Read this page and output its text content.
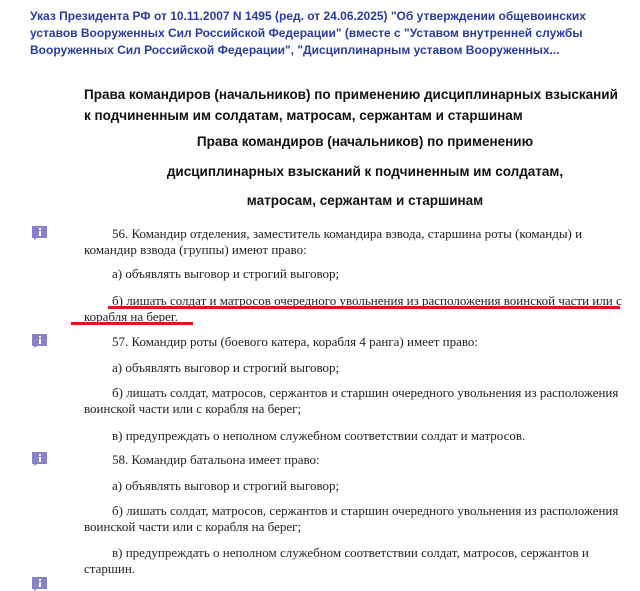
Указ Президента РФ от 10.11.2007 N 1495 (ред. от 24.06.2025) "Об утверждении общевоинских уставов Вооруженных Сил Российской Федерации" (вместе с "Уставом внутренней службы Вооруженных Сил Российской Федерации", "Дисциплинарным уставом Вооруженных...
Права командиров (начальников) по применению дисциплинарных взысканий к подчиненным им солдатам, матросам, сержантам и старшинам
Права командиров (начальников) по применению
дисциплинарных взысканий к подчиненным им солдатам,
матросам, сержантам и старшинам
56. Командир отделения, заместитель командира взвода, старшина роты (команды) и командир взвода (группы) имеют право:
а) объявлять выговор и строгий выговор;
б) лишать солдат и матросов очередного увольнения из расположения воинской части или с корабля на берег.
57. Командир роты (боевого катера, корабля 4 ранга) имеет право:
а) объявлять выговор и строгий выговор;
б) лишать солдат, матросов, сержантов и старшин очередного увольнения из расположения воинской части или с корабля на берег;
в) предупреждать о неполном служебном соответствии солдат и матросов.
58. Командир батальона имеет право:
а) объявлять выговор и строгий выговор;
б) лишать солдат, матросов, сержантов и старшин очередного увольнения из расположения воинской части или с корабля на берег;
в) предупреждать о неполном служебном соответствии солдат, матросов, сержантов и старшин.
